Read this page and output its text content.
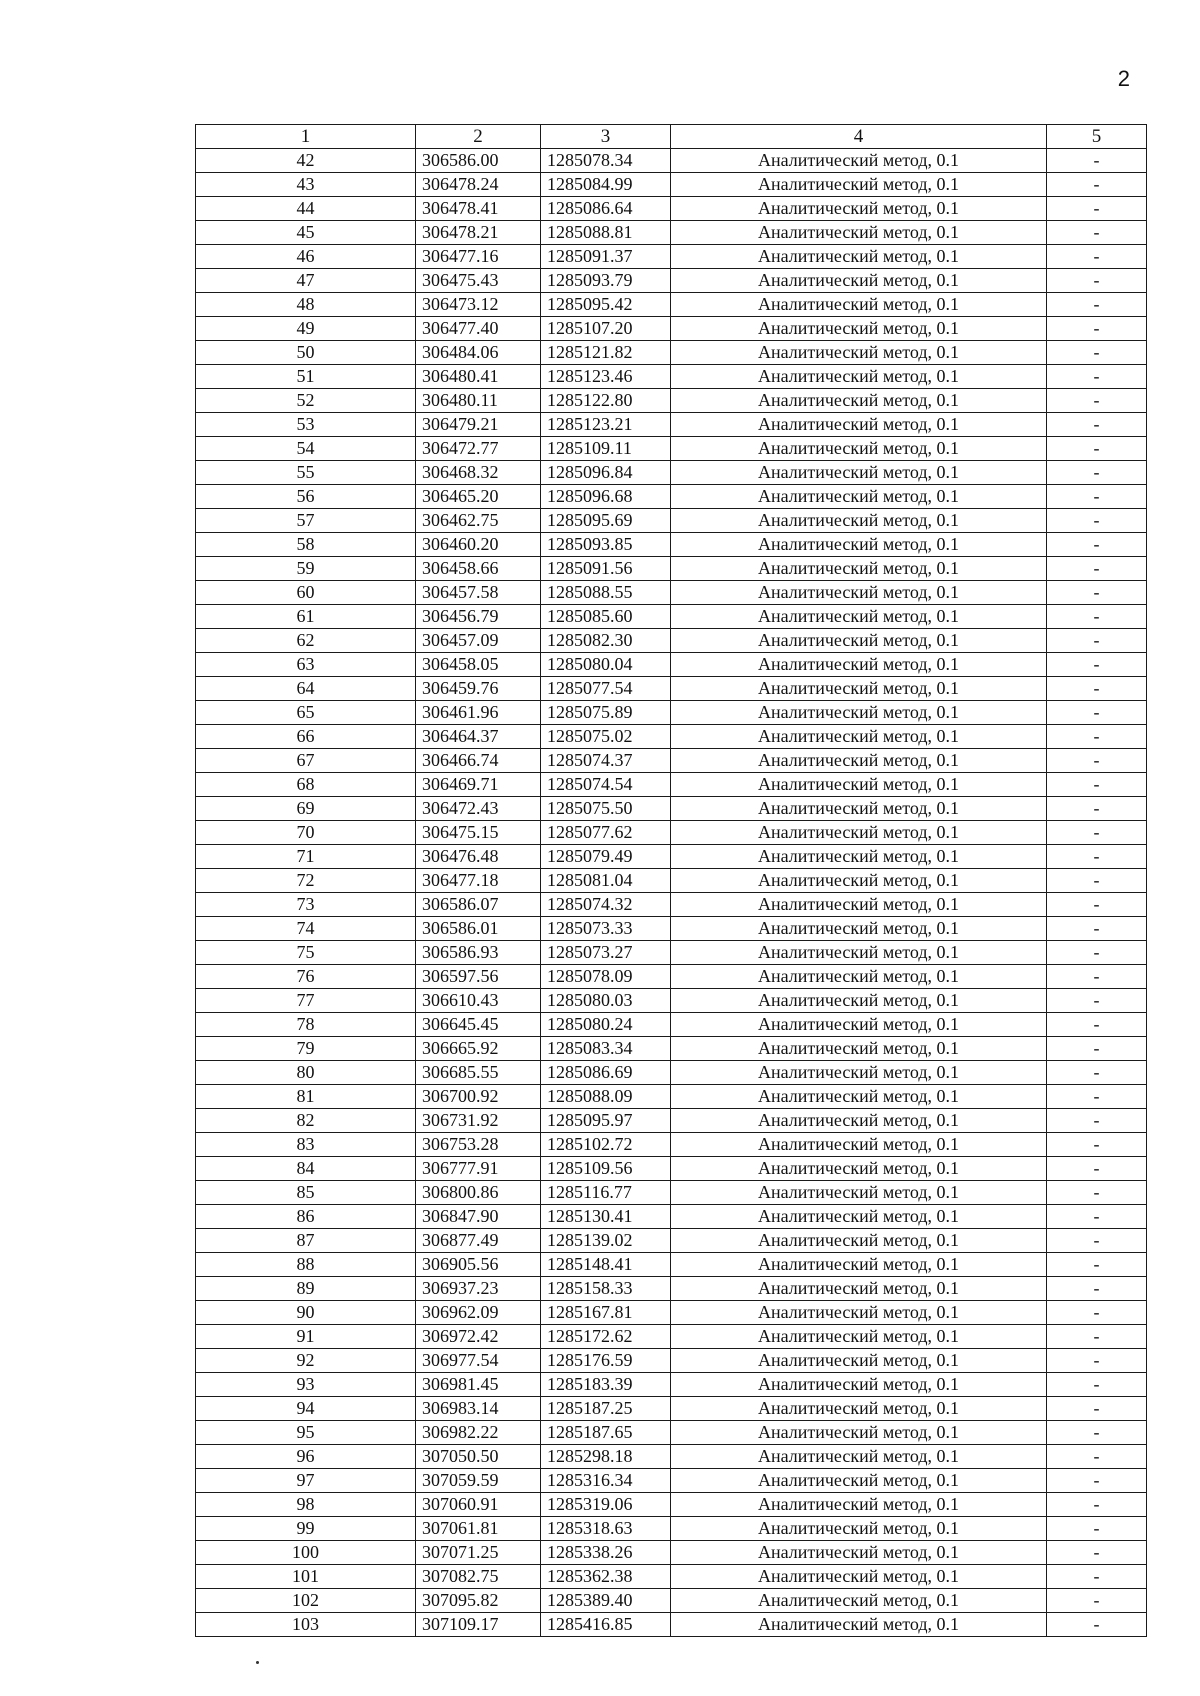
2
1	2	3	4	5
42	306586.00	1285078.34	Аналитический метод, 0.1	-
43	306478.24	1285084.99	Аналитический метод, 0.1	-
44	306478.41	1285086.64	Аналитический метод, 0.1	-
45	306478.21	1285088.81	Аналитический метод, 0.1	-
46	306477.16	1285091.37	Аналитический метод, 0.1	-
47	306475.43	1285093.79	Аналитический метод, 0.1	-
48	306473.12	1285095.42	Аналитический метод, 0.1	-
49	306477.40	1285107.20	Аналитический метод, 0.1	-
50	306484.06	1285121.82	Аналитический метод, 0.1	-
51	306480.41	1285123.46	Аналитический метод, 0.1	-
52	306480.11	1285122.80	Аналитический метод, 0.1	-
53	306479.21	1285123.21	Аналитический метод, 0.1	-
54	306472.77	1285109.11	Аналитический метод, 0.1	-
55	306468.32	1285096.84	Аналитический метод, 0.1	-
56	306465.20	1285096.68	Аналитический метод, 0.1	-
57	306462.75	1285095.69	Аналитический метод, 0.1	-
58	306460.20	1285093.85	Аналитический метод, 0.1	-
59	306458.66	1285091.56	Аналитический метод, 0.1	-
60	306457.58	1285088.55	Аналитический метод, 0.1	-
61	306456.79	1285085.60	Аналитический метод, 0.1	-
62	306457.09	1285082.30	Аналитический метод, 0.1	-
63	306458.05	1285080.04	Аналитический метод, 0.1	-
64	306459.76	1285077.54	Аналитический метод, 0.1	-
65	306461.96	1285075.89	Аналитический метод, 0.1	-
66	306464.37	1285075.02	Аналитический метод, 0.1	-
67	306466.74	1285074.37	Аналитический метод, 0.1	-
68	306469.71	1285074.54	Аналитический метод, 0.1	-
69	306472.43	1285075.50	Аналитический метод, 0.1	-
70	306475.15	1285077.62	Аналитический метод, 0.1	-
71	306476.48	1285079.49	Аналитический метод, 0.1	-
72	306477.18	1285081.04	Аналитический метод, 0.1	-
73	306586.07	1285074.32	Аналитический метод, 0.1	-
74	306586.01	1285073.33	Аналитический метод, 0.1	-
75	306586.93	1285073.27	Аналитический метод, 0.1	-
76	306597.56	1285078.09	Аналитический метод, 0.1	-
77	306610.43	1285080.03	Аналитический метод, 0.1	-
78	306645.45	1285080.24	Аналитический метод, 0.1	-
79	306665.92	1285083.34	Аналитический метод, 0.1	-
80	306685.55	1285086.69	Аналитический метод, 0.1	-
81	306700.92	1285088.09	Аналитический метод, 0.1	-
82	306731.92	1285095.97	Аналитический метод, 0.1	-
83	306753.28	1285102.72	Аналитический метод, 0.1	-
84	306777.91	1285109.56	Аналитический метод, 0.1	-
85	306800.86	1285116.77	Аналитический метод, 0.1	-
86	306847.90	1285130.41	Аналитический метод, 0.1	-
87	306877.49	1285139.02	Аналитический метод, 0.1	-
88	306905.56	1285148.41	Аналитический метод, 0.1	-
89	306937.23	1285158.33	Аналитический метод, 0.1	-
90	306962.09	1285167.81	Аналитический метод, 0.1	-
91	306972.42	1285172.62	Аналитический метод, 0.1	-
92	306977.54	1285176.59	Аналитический метод, 0.1	-
93	306981.45	1285183.39	Аналитический метод, 0.1	-
94	306983.14	1285187.25	Аналитический метод, 0.1	-
95	306982.22	1285187.65	Аналитический метод, 0.1	-
96	307050.50	1285298.18	Аналитический метод, 0.1	-
97	307059.59	1285316.34	Аналитический метод, 0.1	-
98	307060.91	1285319.06	Аналитический метод, 0.1	-
99	307061.81	1285318.63	Аналитический метод, 0.1	-
100	307071.25	1285338.26	Аналитический метод, 0.1	-
101	307082.75	1285362.38	Аналитический метод, 0.1	-
102	307095.82	1285389.40	Аналитический метод, 0.1	-
103	307109.17	1285416.85	Аналитический метод, 0.1	-
